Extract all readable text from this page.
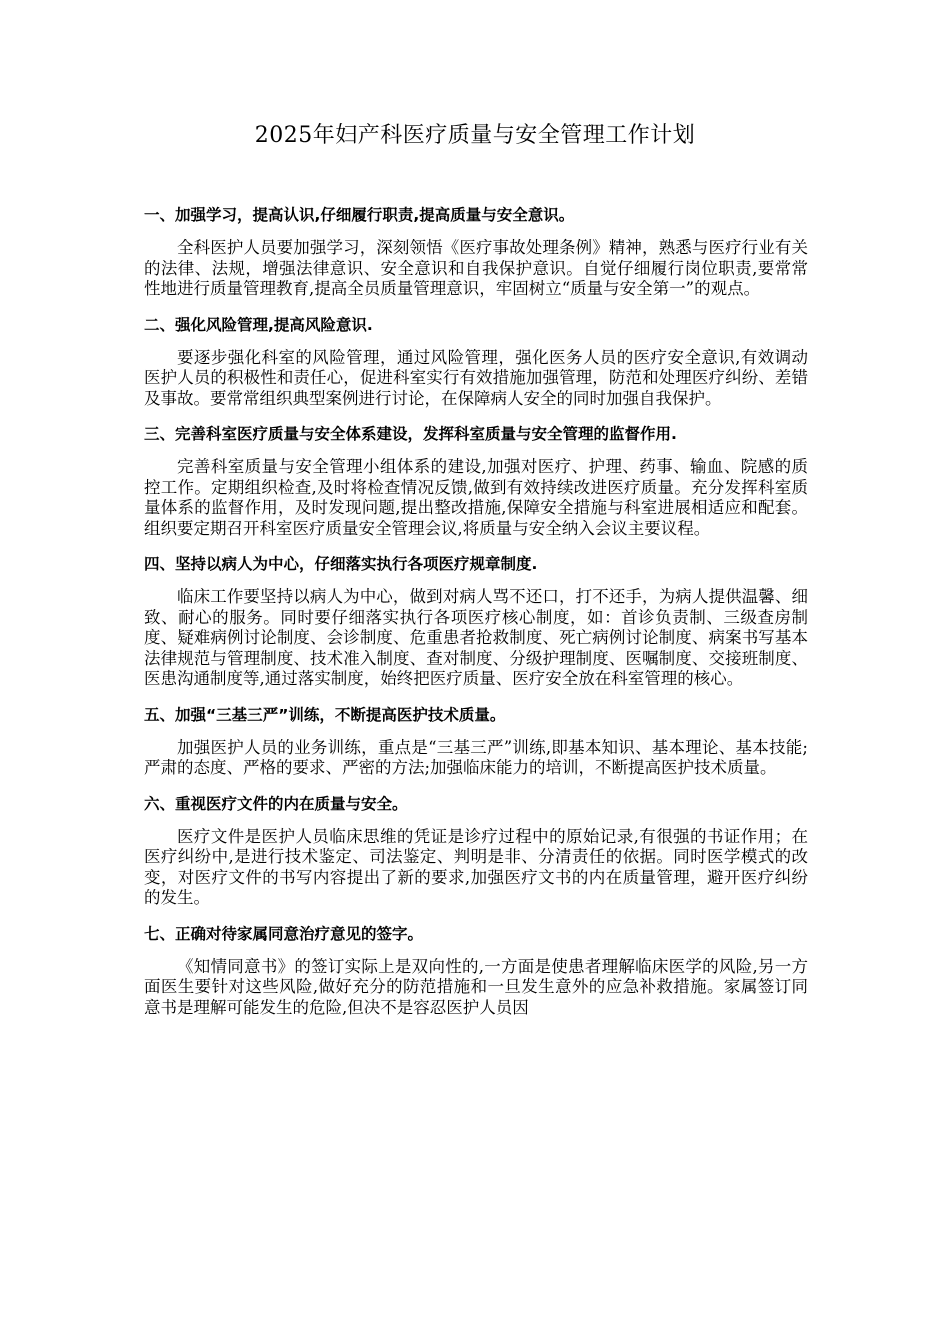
2025年妇产科医疗质量与安全管理工作计划

一、加强学习，提高认识,仔细履行职责,提高质量与安全意识。

全科医护人员要加强学习，深刻领悟《医疗事故处理条例》精神，熟悉与医疗行业有关的法律、法规，增强法律意识、安全意识和自我保护意识。自觉仔细履行岗位职责,要常常性地进行质量管理教育,提高全员质量管理意识，牢固树立“质量与安全第一”的观点。

二、强化风险管理,提高风险意识.

要逐步强化科室的风险管理，通过风险管理，强化医务人员的医疗安全意识,有效调动医护人员的积极性和责任心，促进科室实行有效措施加强管理，防范和处理医疗纠纷、差错及事故。要常常组织典型案例进行讨论，在保障病人安全的同时加强自我保护。

三、完善科室医疗质量与安全体系建设，发挥科室质量与安全管理的监督作用.

完善科室质量与安全管理小组体系的建设,加强对医疗、护理、药事、输血、院感的质控工作。定期组织检查,及时将检查情况反馈,做到有效持续改进医疗质量。充分发挥科室质量体系的监督作用，及时发现问题,提出整改措施,保障安全措施与科室进展相适应和配套。组织要定期召开科室医疗质量安全管理会议,将质量与安全纳入会议主要议程。

四、坚持以病人为中心，仔细落实执行各项医疗规章制度.

临床工作要坚持以病人为中心，做到对病人骂不还口，打不还手，为病人提供温馨、细致、耐心的服务。同时要仔细落实执行各项医疗核心制度，如：首诊负责制、三级查房制度、疑难病例讨论制度、会诊制度、危重患者抢救制度、死亡病例讨论制度、病案书写基本法律规范与管理制度、技术准入制度、查对制度、分级护理制度、医嘱制度、交接班制度、医患沟通制度等,通过落实制度，始终把医疗质量、医疗安全放在科室管理的核心。

五、加强“三基三严”训练，不断提高医护技术质量。

加强医护人员的业务训练，重点是“三基三严”训练,即基本知识、基本理论、基本技能;严肃的态度、严格的要求、严密的方法;加强临床能力的培训，不断提高医护技术质量。

六、重视医疗文件的内在质量与安全。

医疗文件是医护人员临床思维的凭证是诊疗过程中的原始记录,有很强的书证作用；在医疗纠纷中,是进行技术鉴定、司法鉴定、判明是非、分清责任的依据。同时医学模式的改变，对医疗文件的书写内容提出了新的要求,加强医疗文书的内在质量管理，避开医疗纠纷的发生。

七、正确对待家属同意治疗意见的签字。

《知情同意书》的签订实际上是双向性的,一方面是使患者理解临床医学的风险,另一方面医生要针对这些风险,做好充分的防范措施和一旦发生意外的应急补救措施。家属签订同意书是理解可能发生的危险,但决不是容忍医护人员因
